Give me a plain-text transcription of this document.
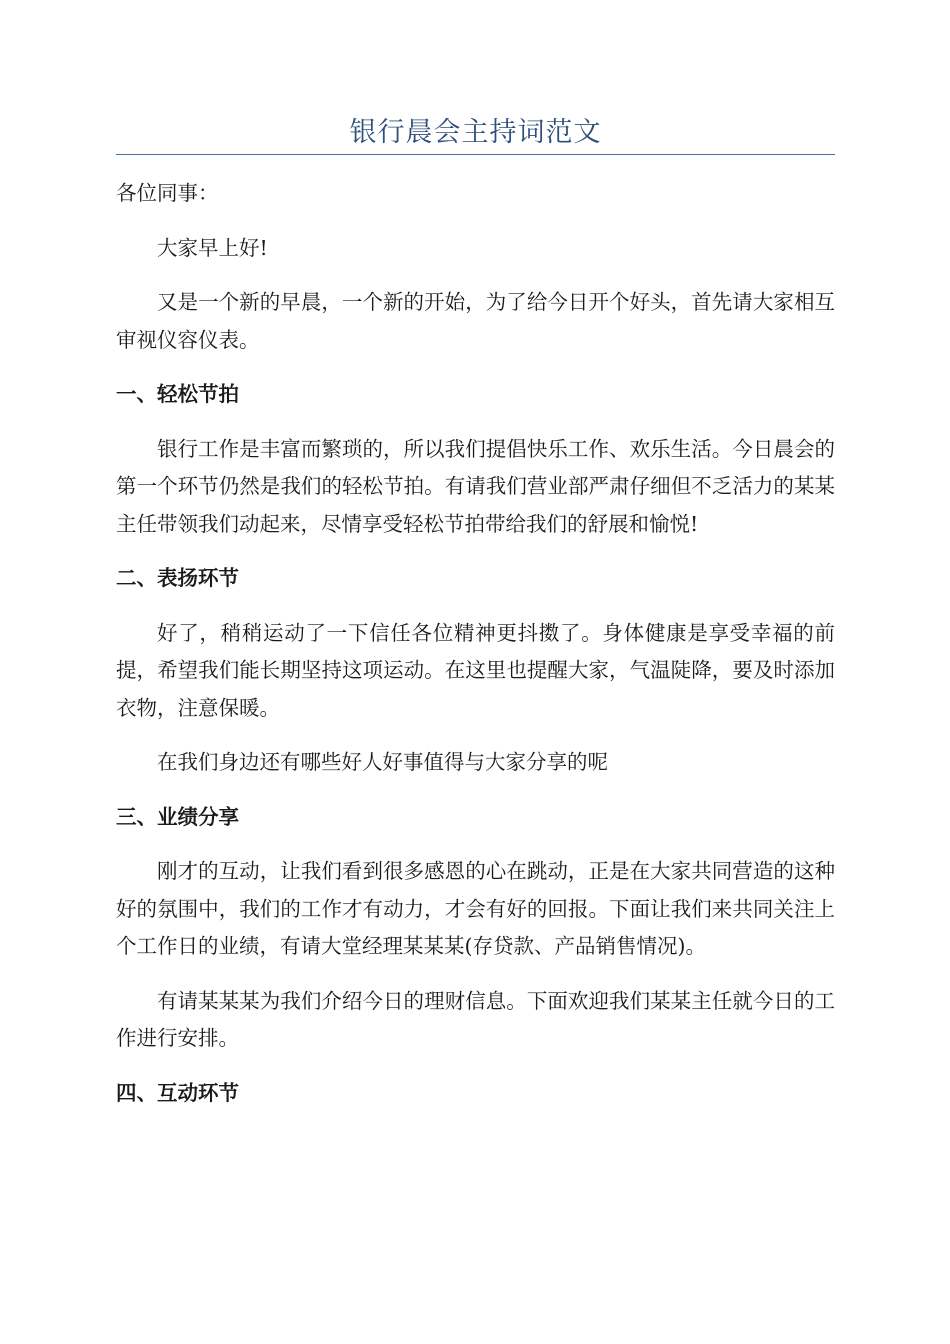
银行晨会主持词范文

各位同事：

大家早上好!

又是一个新的早晨，一个新的开始，为了给今日开个好头，首先请大家相互审视仪容仪表。

一、轻松节拍

银行工作是丰富而繁琐的，所以我们提倡快乐工作、欢乐生活。今日晨会的第一个环节仍然是我们的轻松节拍。有请我们营业部严肃仔细但不乏活力的某某主任带领我们动起来，尽情享受轻松节拍带给我们的舒展和愉悦!

二、表扬环节

好了，稍稍运动了一下信任各位精神更抖擞了。身体健康是享受幸福的前提，希望我们能长期坚持这项运动。在这里也提醒大家，气温陡降，要及时添加衣物，注意保暖。

在我们身边还有哪些好人好事值得与大家分享的呢

三、业绩分享

刚才的互动，让我们看到很多感恩的心在跳动，正是在大家共同营造的这种好的氛围中，我们的工作才有动力，才会有好的回报。下面让我们来共同关注上个工作日的业绩，有请大堂经理某某某(存贷款、产品销售情况)。

有请某某某为我们介绍今日的理财信息。下面欢迎我们某某主任就今日的工作进行安排。

四、互动环节
